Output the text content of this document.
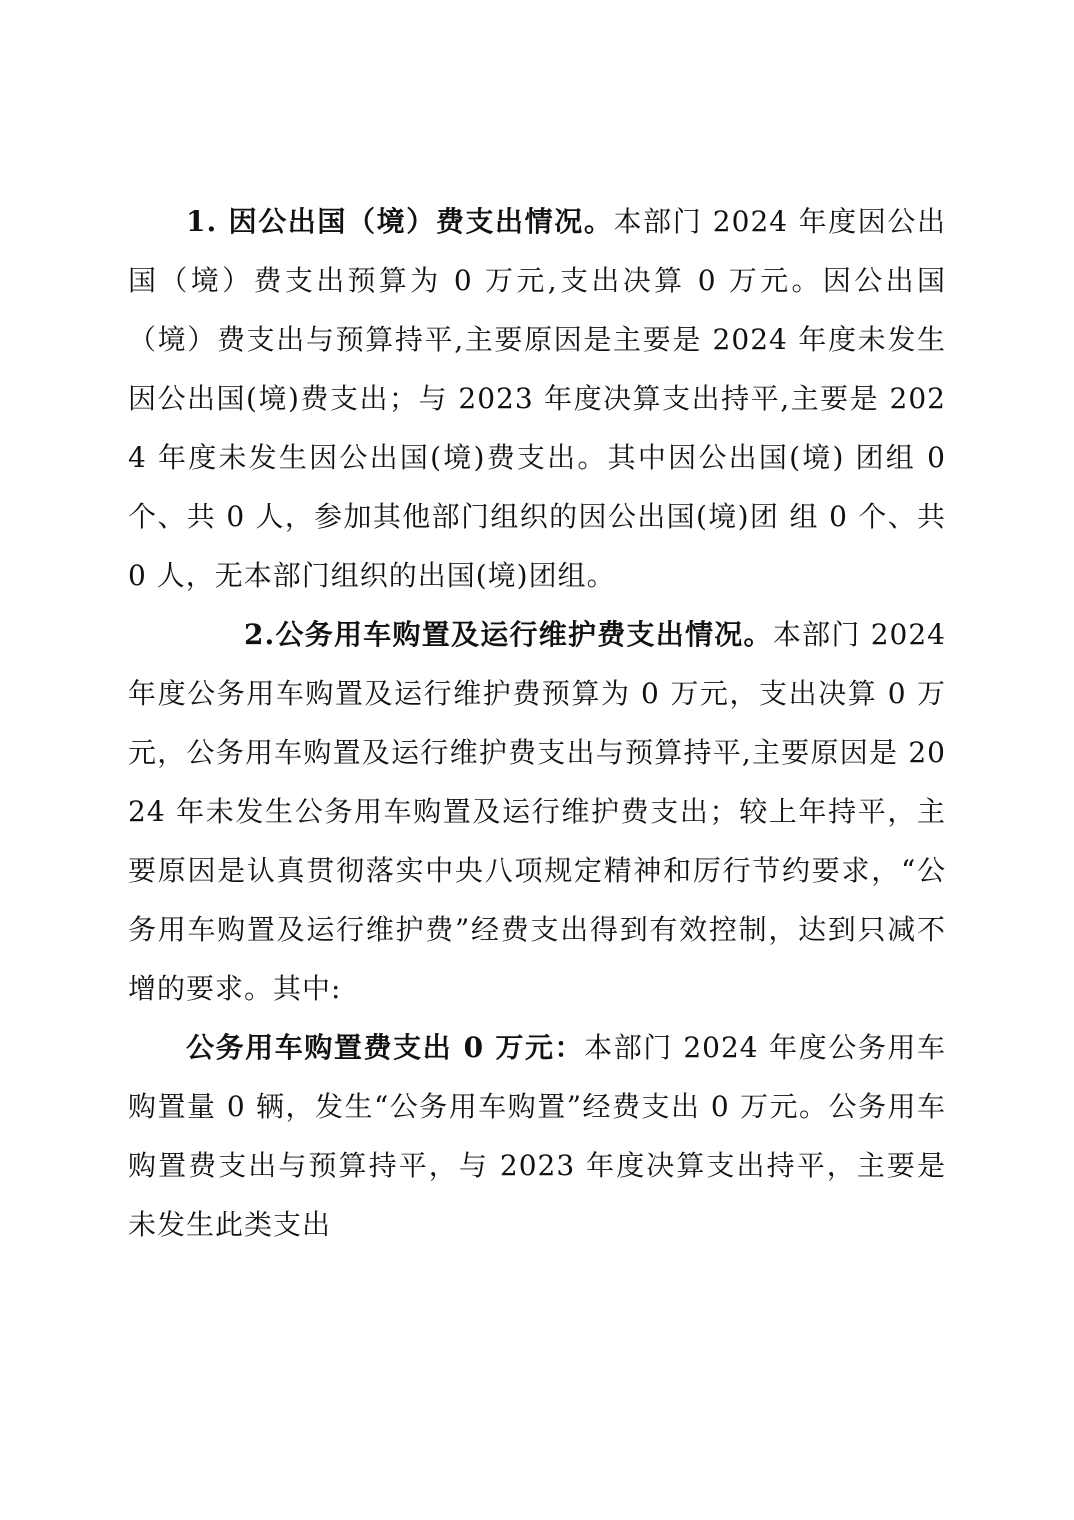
1. 因公出国（境）费支出情况。本部门 2024 年度因公出国（境）费支出预算为 0 万元,支出决算 0 万元。因公出国（境）费支出与预算持平,主要原因是主要是 2024 年度未发生因公出国(境)费支出；与 2023 年度决算支出持平,主要是 2024 年度未发生因公出国(境)费支出。其中因公出国(境) 团组 0 个、共 0 人，参加其他部门组织的因公出国(境)团 组 0 个、共 0 人，无本部门组织的出国(境)团组。

2.公务用车购置及运行维护费支出情况。本部门 2024 年度公务用车购置及运行维护费预算为 0 万元，支出决算 0 万元，公务用车购置及运行维护费支出与预算持平,主要原因是 2024 年未发生公务用车购置及运行维护费支出；较上年持平，主要原因是认真贯彻落实中央八项规定精神和厉行节约要求，“公务用车购置及运行维护费”经费支出得到有效控制，达到只减不增的要求。其中:

公务用车购置费支出 0 万元：本部门 2024 年度公务用车购置量 0 辆，发生“公务用车购置”经费支出 0 万元。公务用车购置费支出与预算持平，与 2023 年度决算支出持平，主要是未发生此类支出
